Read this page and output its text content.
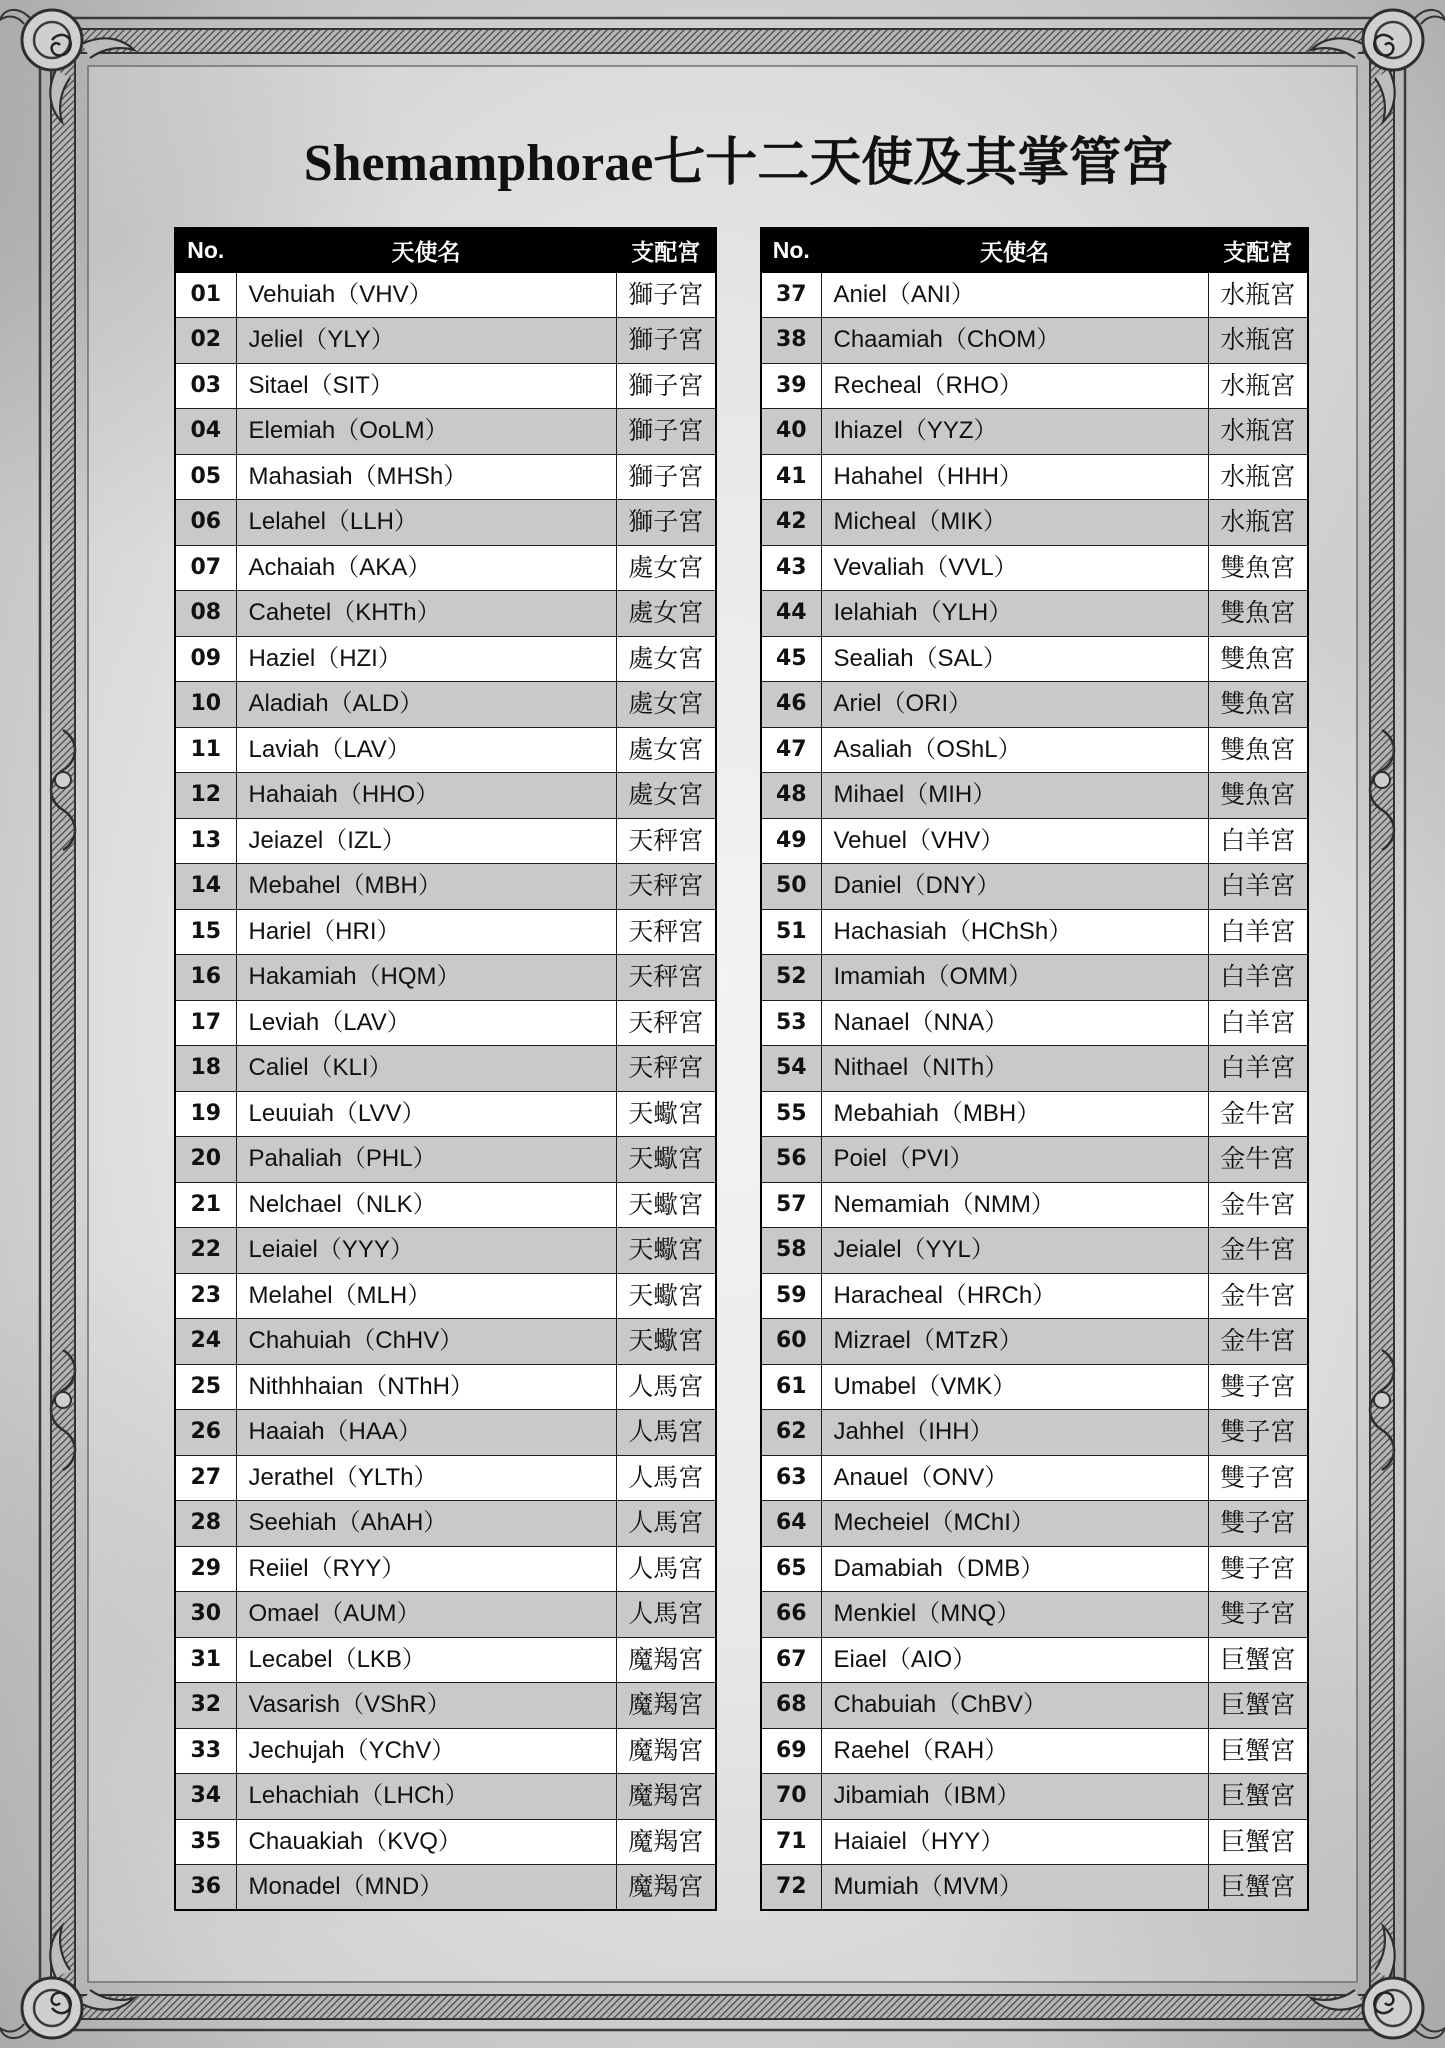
Shemamphorae七十二天使及其掌管宮
No.	天使名	支配宮
01	Vehuiah（VHV）	獅子宮
02	Jeliel（YLY）	獅子宮
03	Sitael（SIT）	獅子宮
04	Elemiah（OoLM）	獅子宮
05	Mahasiah（MHSh）	獅子宮
06	Lelahel（LLH）	獅子宮
07	Achaiah（AKA）	處女宮
08	Cahetel（KHTh）	處女宮
09	Haziel（HZI）	處女宮
10	Aladiah（ALD）	處女宮
11	Laviah（LAV）	處女宮
12	Hahaiah（HHO）	處女宮
13	Jeiazel（IZL）	天秤宮
14	Mebahel（MBH）	天秤宮
15	Hariel（HRI）	天秤宮
16	Hakamiah（HQM）	天秤宮
17	Leviah（LAV）	天秤宮
18	Caliel（KLI）	天秤宮
19	Leuuiah（LVV）	天蠍宮
20	Pahaliah（PHL）	天蠍宮
21	Nelchael（NLK）	天蠍宮
22	Leiaiel（YYY）	天蠍宮
23	Melahel（MLH）	天蠍宮
24	Chahuiah（ChHV）	天蠍宮
25	Nithhhaian（NThH）	人馬宮
26	Haaiah（HAA）	人馬宮
27	Jerathel（YLTh）	人馬宮
28	Seehiah（AhAH）	人馬宮
29	Reiiel（RYY）	人馬宮
30	Omael（AUM）	人馬宮
31	Lecabel（LKB）	魔羯宮
32	Vasarish（VShR）	魔羯宮
33	Jechujah（YChV）	魔羯宮
34	Lehachiah（LHCh）	魔羯宮
35	Chauakiah（KVQ）	魔羯宮
36	Monadel（MND）	魔羯宮
No.	天使名	支配宮
37	Aniel（ANI）	水瓶宮
38	Chaamiah（ChOM）	水瓶宮
39	Recheal（RHO）	水瓶宮
40	Ihiazel（YYZ）	水瓶宮
41	Hahahel（HHH）	水瓶宮
42	Micheal（MIK）	水瓶宮
43	Vevaliah（VVL）	雙魚宮
44	Ielahiah（YLH）	雙魚宮
45	Sealiah（SAL）	雙魚宮
46	Ariel（ORI）	雙魚宮
47	Asaliah（OShL）	雙魚宮
48	Mihael（MIH）	雙魚宮
49	Vehuel（VHV）	白羊宮
50	Daniel（DNY）	白羊宮
51	Hachasiah（HChSh）	白羊宮
52	Imamiah（OMM）	白羊宮
53	Nanael（NNA）	白羊宮
54	Nithael（NITh）	白羊宮
55	Mebahiah（MBH）	金牛宮
56	Poiel（PVI）	金牛宮
57	Nemamiah（NMM）	金牛宮
58	Jeialel（YYL）	金牛宮
59	Haracheal（HRCh）	金牛宮
60	Mizrael（MTzR）	金牛宮
61	Umabel（VMK）	雙子宮
62	Jahhel（IHH）	雙子宮
63	Anauel（ONV）	雙子宮
64	Mecheiel（MChI）	雙子宮
65	Damabiah（DMB）	雙子宮
66	Menkiel（MNQ）	雙子宮
67	Eiael（AIO）	巨蟹宮
68	Chabuiah（ChBV）	巨蟹宮
69	Raehel（RAH）	巨蟹宮
70	Jibamiah（IBM）	巨蟹宮
71	Haiaiel（HYY）	巨蟹宮
72	Mumiah（MVM）	巨蟹宮
